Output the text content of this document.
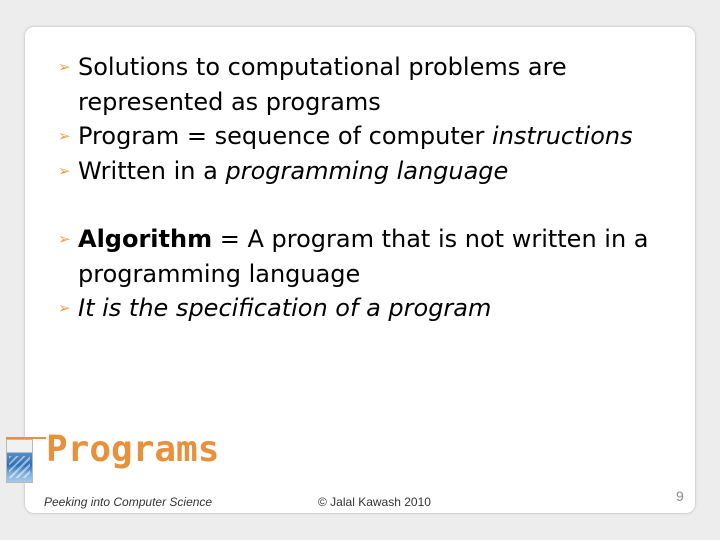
➢ Solutions to computational problems are represented as programs
➢ Program = sequence of computer instructions
➢ Written in a programming language
➢ Algorithm = A program that is not written in a programming language
➢ It is the specification of a program
Programs
Peeking into Computer Science	© Jalal Kawash 2010	9
